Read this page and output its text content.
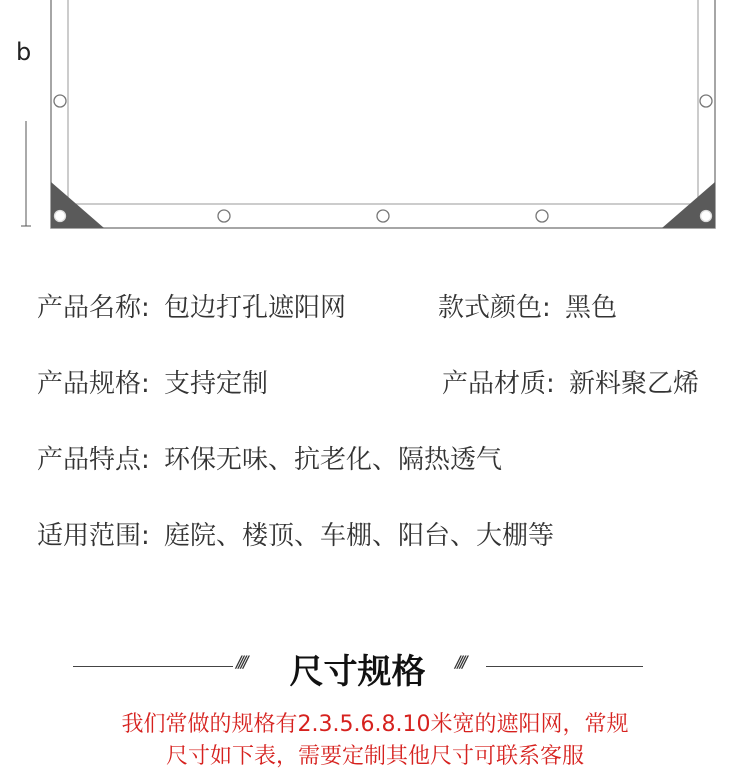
b
产品名称: 包边打孔遮阳网	款式颜色: 黑色
产品规格: 支持定制	产品材质: 新料聚乙烯
产品特点: 环保无味、抗老化、隔热透气
适用范围: 庭院、楼顶、车棚、阳台、大棚等
////	尺寸规格	////
我们常做的规格有2.3.5.6.8.10米宽的遮阳网，常规
尺寸如下表，需要定制其他尺寸可联系客服
